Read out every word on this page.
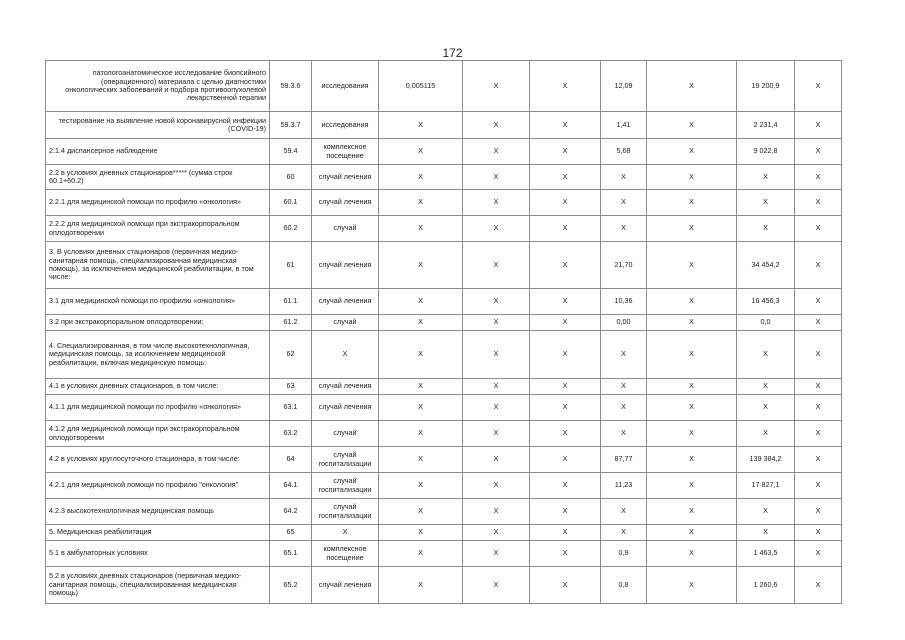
172
патологоанатомическое исследование биопсийного (операционного) материала с целью диагностики онкологических заболеваний и подбора противоопухолевой лекарственной терапии	59.3.6	исследования	0,005115	X	X	12,09	X	19 200,9	X
тестирование на выявление новой коронавирусной инфекции (COVID-19)	59.3.7	исследования	X	X	X	1,41	X	2 231,4	X
2.1.4 диспансерное наблюдение	59.4	комплексное посещение	X	X	X	5,68	X	9 022,8	X
2.2 в условиях дневных стационаров***** (сумма строк 60.1+60.2)	60	случай лечения	X	X	X	X	X	X	X
2.2.1 для медицинской помощи по профилю «онкология»	60.1	случай лечения	X	X	X	X	X	X	X
2.2.2 для медицинской помощи при экстракорпоральном оплодотворении	60.2	случай	X	X	X	X	X	X	X
3. В условиях дневных стационаров (первичная медико-санитарная помощь, специализированная медицинская помощь), за исключением медицинской реабилитации, в том числе:	61	случай лечения	X	X	X	21,70	X	34 454,2	X
3.1 для медицинской помощи по профилю «онкология»	61.1	случай лечения	X	X	X	10,36	X	16 456,3	X
3.2 при экстракорпоральном оплодотворении:	61.2	случай	X	X	X	0,00	X	0,0	X
4. Специализированная, в том числе высокотехнологичная, медицинская помощь, за исключением медицинской реабилитации, включая медицинскую помощь:	62	X	X	X	X	X	X	X	X
4.1 в условиях дневных стационаров, в том числе:	63	случай лечения	X	X	X	X	X	X	X
4.1.1 для медицинской помощи по профилю «онкология»	63.1	случай лечения	X	X	X	X	X	X	X
4.1.2 для медицинской помощи при экстракорпоральном оплодотворении	63.2	случай	X	X	X	X	X	X	X
4.2 в условиях круглосуточного стационара, в том числе:	64	случай госпитализации	X	X	X	87,77	X	139 384,2	X
4.2.1 для медицинской помощи по профилю "онкология"	64.1	случай госпитализации	X	X	X	11,23	X	17 827,1	X
4.2.3 высокотехнологичная медицинская помощь	64.2	случай госпитализации	X	X	X	X	X	X	X
5. Медицинская реабилитация	65	X	X	X	X	X	X	X	X
5.1 в амбулаторных условиях	65.1	комплексное посещение	X	X	X	0,9	X	1 463,5	X
5.2 в условиях дневных стационаров (первичная медико-санитарная помощь, специализированная медицинская помощь)	65.2	случай лечения	X	X	X	0,8	X	1 260,6	X
